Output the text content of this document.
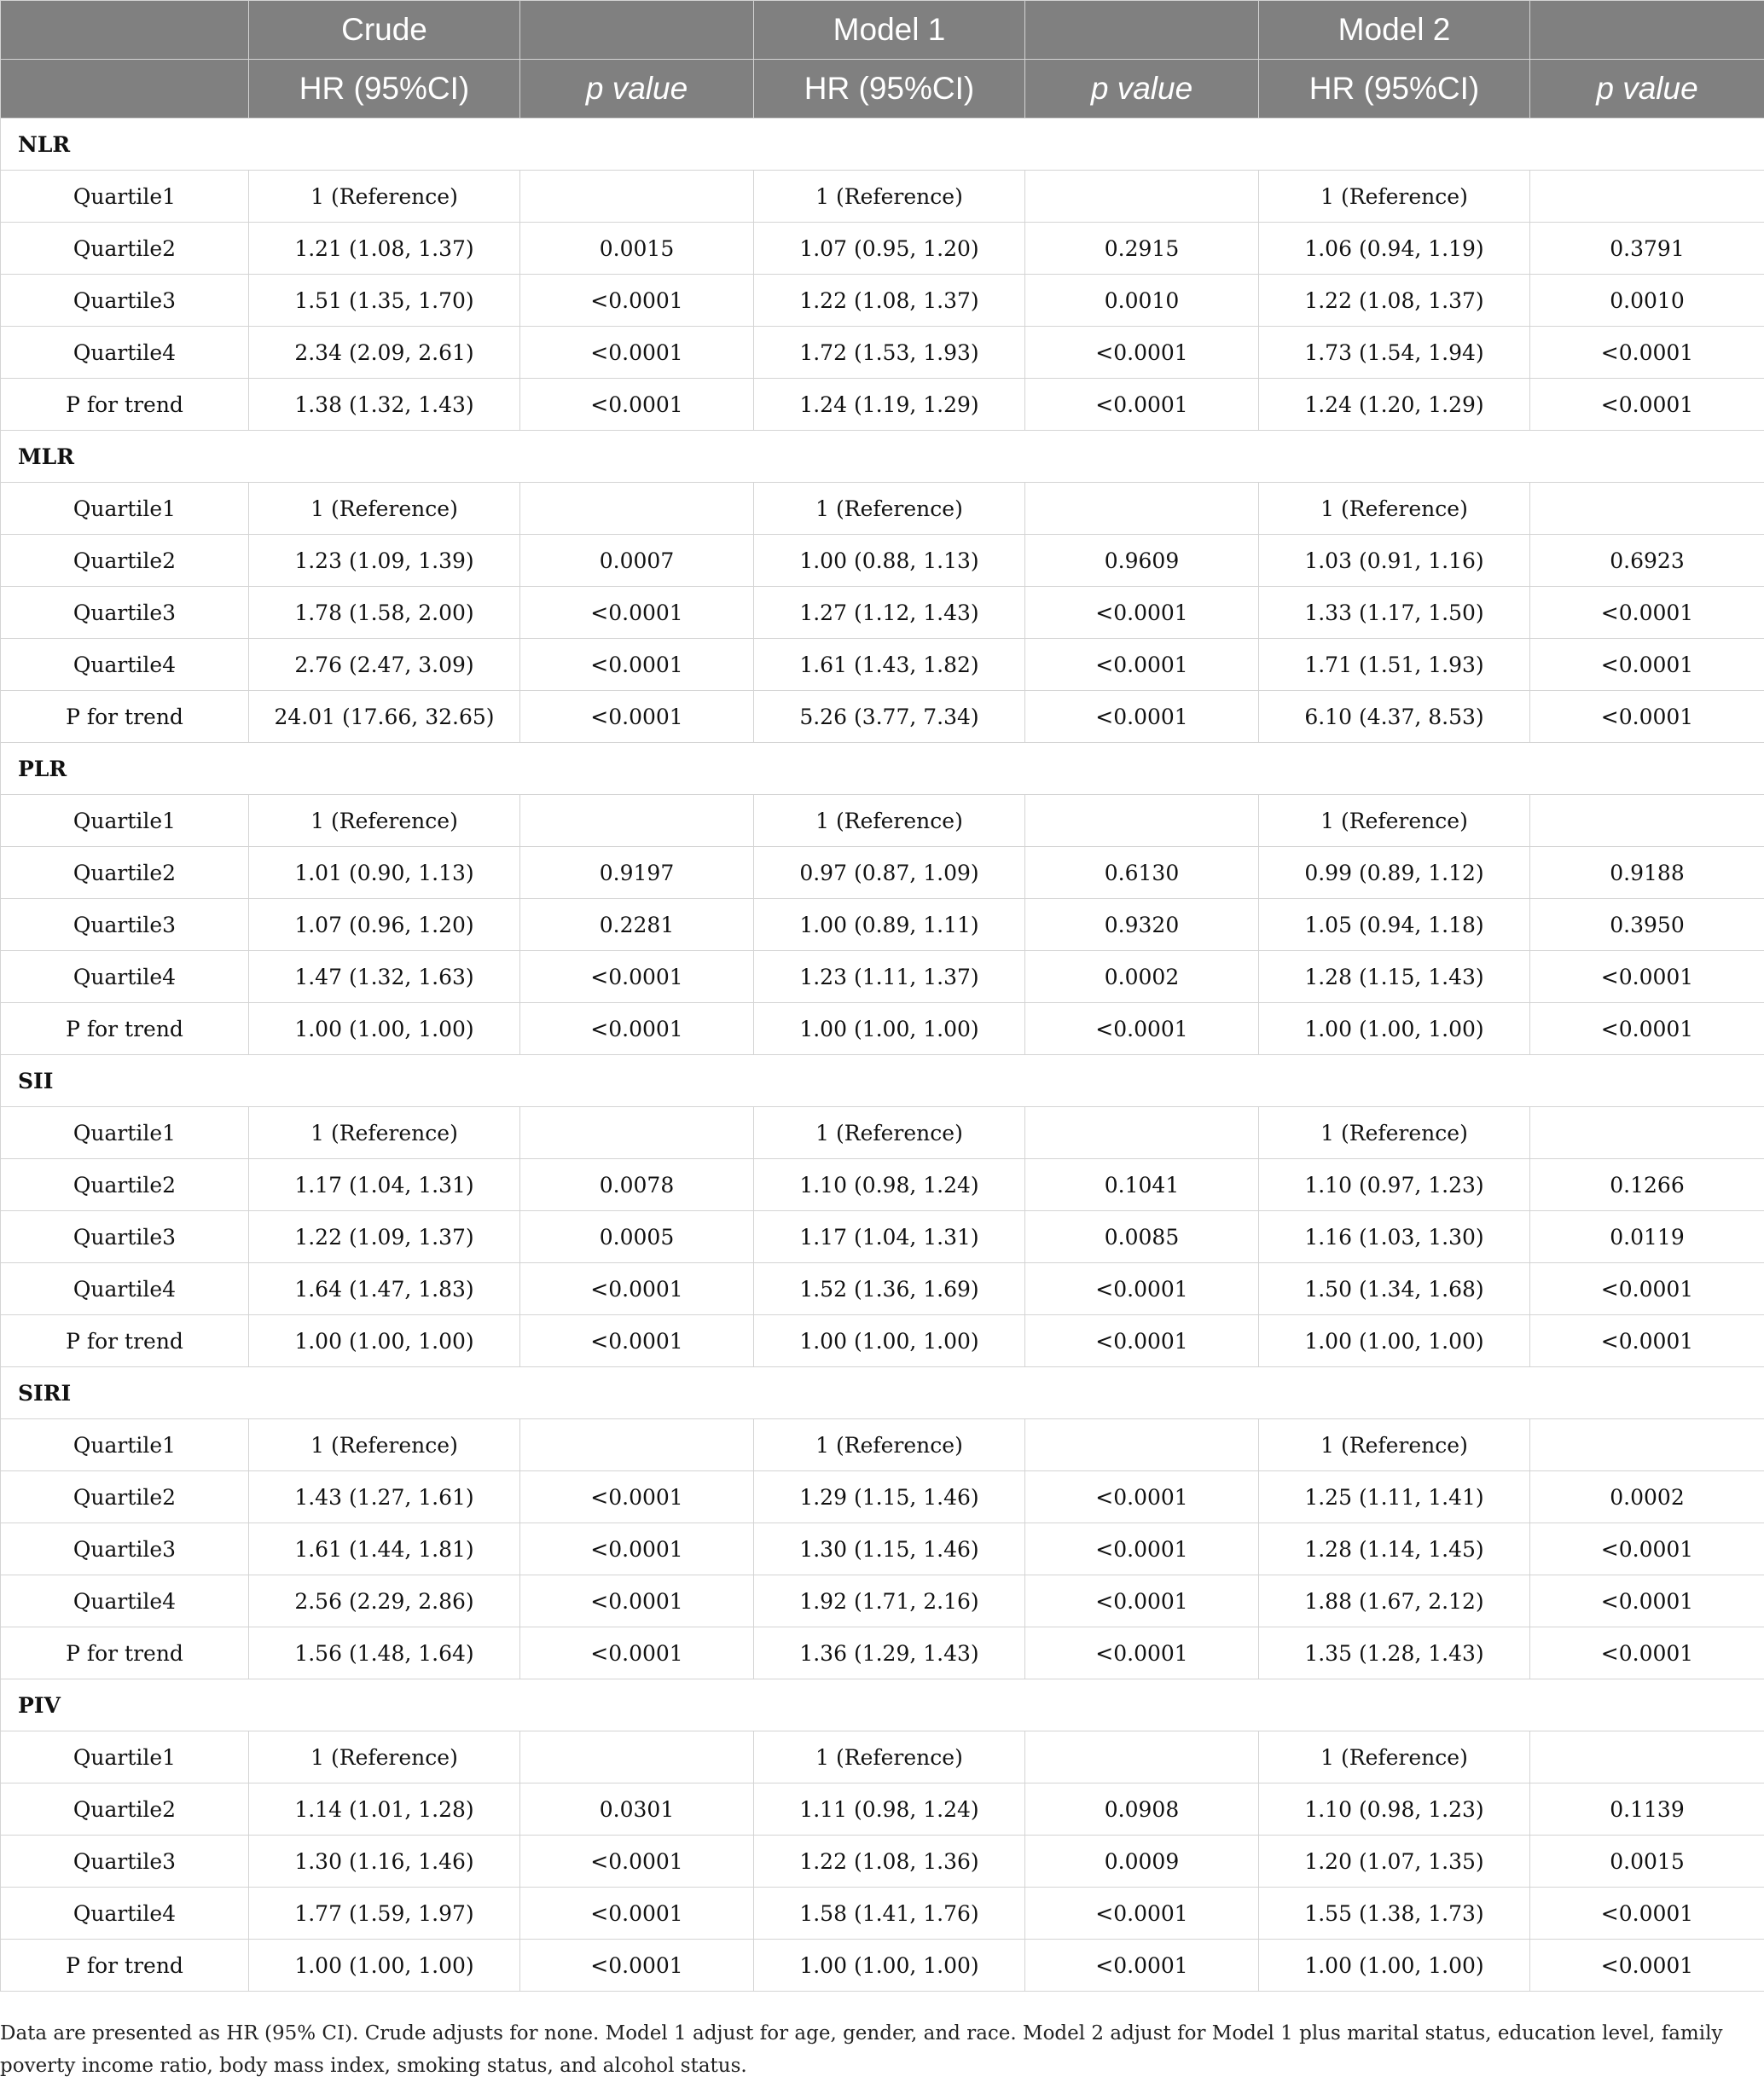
	Crude		Model 1		Model 2	
	HR (95%CI)	p value	HR (95%CI)	p value	HR (95%CI)	p value
NLR						
Quartile1	1 (Reference)		1 (Reference)		1 (Reference)	
Quartile2	1.21 (1.08, 1.37)	0.0015	1.07 (0.95, 1.20)	0.2915	1.06 (0.94, 1.19)	0.3791
Quartile3	1.51 (1.35, 1.70)	<0.0001	1.22 (1.08, 1.37)	0.0010	1.22 (1.08, 1.37)	0.0010
Quartile4	2.34 (2.09, 2.61)	<0.0001	1.72 (1.53, 1.93)	<0.0001	1.73 (1.54, 1.94)	<0.0001
P for trend	1.38 (1.32, 1.43)	<0.0001	1.24 (1.19, 1.29)	<0.0001	1.24 (1.20, 1.29)	<0.0001
MLR						
Quartile1	1 (Reference)		1 (Reference)		1 (Reference)	
Quartile2	1.23 (1.09, 1.39)	0.0007	1.00 (0.88, 1.13)	0.9609	1.03 (0.91, 1.16)	0.6923
Quartile3	1.78 (1.58, 2.00)	<0.0001	1.27 (1.12, 1.43)	<0.0001	1.33 (1.17, 1.50)	<0.0001
Quartile4	2.76 (2.47, 3.09)	<0.0001	1.61 (1.43, 1.82)	<0.0001	1.71 (1.51, 1.93)	<0.0001
P for trend	24.01 (17.66, 32.65)	<0.0001	5.26 (3.77, 7.34)	<0.0001	6.10 (4.37, 8.53)	<0.0001
PLR						
Quartile1	1 (Reference)		1 (Reference)		1 (Reference)	
Quartile2	1.01 (0.90, 1.13)	0.9197	0.97 (0.87, 1.09)	0.6130	0.99 (0.89, 1.12)	0.9188
Quartile3	1.07 (0.96, 1.20)	0.2281	1.00 (0.89, 1.11)	0.9320	1.05 (0.94, 1.18)	0.3950
Quartile4	1.47 (1.32, 1.63)	<0.0001	1.23 (1.11, 1.37)	0.0002	1.28 (1.15, 1.43)	<0.0001
P for trend	1.00 (1.00, 1.00)	<0.0001	1.00 (1.00, 1.00)	<0.0001	1.00 (1.00, 1.00)	<0.0001
SII						
Quartile1	1 (Reference)		1 (Reference)		1 (Reference)	
Quartile2	1.17 (1.04, 1.31)	0.0078	1.10 (0.98, 1.24)	0.1041	1.10 (0.97, 1.23)	0.1266
Quartile3	1.22 (1.09, 1.37)	0.0005	1.17 (1.04, 1.31)	0.0085	1.16 (1.03, 1.30)	0.0119
Quartile4	1.64 (1.47, 1.83)	<0.0001	1.52 (1.36, 1.69)	<0.0001	1.50 (1.34, 1.68)	<0.0001
P for trend	1.00 (1.00, 1.00)	<0.0001	1.00 (1.00, 1.00)	<0.0001	1.00 (1.00, 1.00)	<0.0001
SIRI						
Quartile1	1 (Reference)		1 (Reference)		1 (Reference)	
Quartile2	1.43 (1.27, 1.61)	<0.0001	1.29 (1.15, 1.46)	<0.0001	1.25 (1.11, 1.41)	0.0002
Quartile3	1.61 (1.44, 1.81)	<0.0001	1.30 (1.15, 1.46)	<0.0001	1.28 (1.14, 1.45)	<0.0001
Quartile4	2.56 (2.29, 2.86)	<0.0001	1.92 (1.71, 2.16)	<0.0001	1.88 (1.67, 2.12)	<0.0001
P for trend	1.56 (1.48, 1.64)	<0.0001	1.36 (1.29, 1.43)	<0.0001	1.35 (1.28, 1.43)	<0.0001
PIV						
Quartile1	1 (Reference)		1 (Reference)		1 (Reference)	
Quartile2	1.14 (1.01, 1.28)	0.0301	1.11 (0.98, 1.24)	0.0908	1.10 (0.98, 1.23)	0.1139
Quartile3	1.30 (1.16, 1.46)	<0.0001	1.22 (1.08, 1.36)	0.0009	1.20 (1.07, 1.35)	0.0015
Quartile4	1.77 (1.59, 1.97)	<0.0001	1.58 (1.41, 1.76)	<0.0001	1.55 (1.38, 1.73)	<0.0001
P for trend	1.00 (1.00, 1.00)	<0.0001	1.00 (1.00, 1.00)	<0.0001	1.00 (1.00, 1.00)	<0.0001
Data are presented as HR (95% CI). Crude adjusts for none. Model 1 adjust for age, gender, and race. Model 2 adjust for Model 1 plus marital status, education level, family poverty income ratio, body mass index, smoking status, and alcohol status.
